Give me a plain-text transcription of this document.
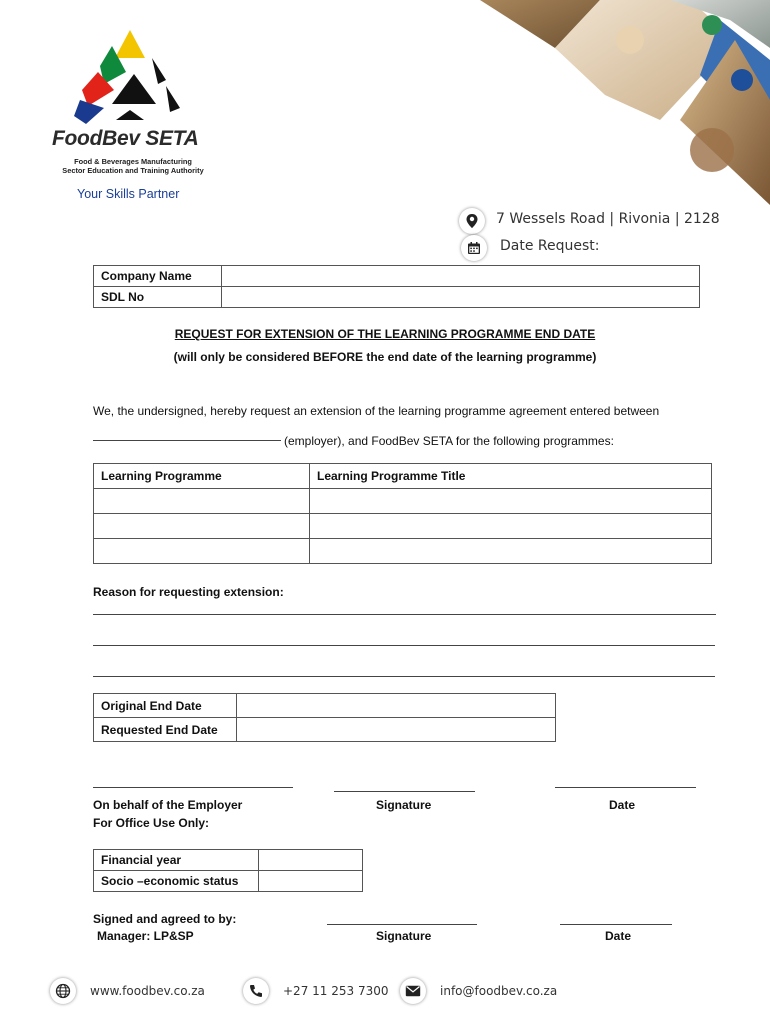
FoodBev SETA
Food & Beverages Manufacturing
Sector Education and Training Authority
Your Skills Partner
7 Wessels Road | Rivonia | 2128
Date Request:
Company Name	
SDL No	
REQUEST FOR EXTENSION OF THE LEARNING PROGRAMME END DATE
(will only be considered BEFORE the end date of the learning programme)
We, the undersigned, hereby request an extension of the learning programme agreement entered between
(employer), and FoodBev SETA for the following programmes:
Learning Programme	Learning Programme Title

Reason for requesting extension:
Original End Date	
Requested End Date	
On behalf of the Employer	Signature	Date
For Office Use Only:
Financial year	
Socio –economic status	
Signed and agreed to by:
Manager: LP&SP	Signature	Date
www.foodbev.co.za	+27 11 253 7300	info@foodbev.co.za
